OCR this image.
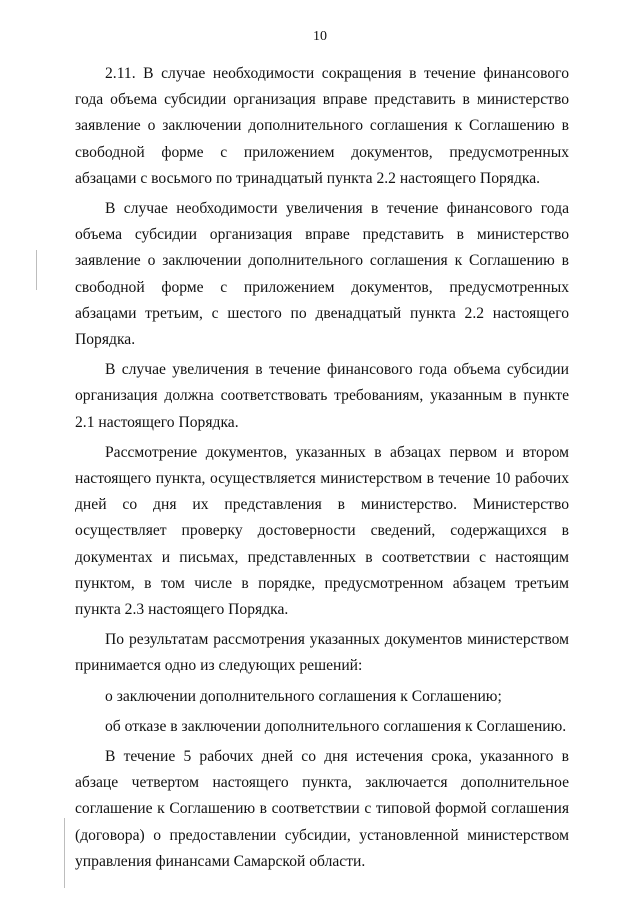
10

2.11. В случае необходимости сокращения в течение финансового года объема субсидии организация вправе представить в министерство заявление о заключении дополнительного соглашения к Соглашению в свободной форме с приложением документов, предусмотренных абзацами с восьмого по тринадцатый пункта 2.2 настоящего Порядка.

В случае необходимости увеличения в течение финансового года объема субсидии организация вправе представить в министерство заявление о заключении дополнительного соглашения к Соглашению в свободной форме с приложением документов, предусмотренных абзацами третьим, с шестого по двенадцатый пункта 2.2 настоящего Порядка.

В случае увеличения в течение финансового года объема субсидии организация должна соответствовать требованиям, указанным в пункте 2.1 настоящего Порядка.

Рассмотрение документов, указанных в абзацах первом и втором настоящего пункта, осуществляется министерством в течение 10 рабочих дней со дня их представления в министерство. Министерство осуществляет проверку достоверности сведений, содержащихся в документах и письмах, представленных в соответствии с настоящим пунктом, в том числе в порядке, предусмотренном абзацем третьим пункта 2.3 настоящего Порядка.

По результатам рассмотрения указанных документов министерством принимается одно из следующих решений:

о заключении дополнительного соглашения к Соглашению;

об отказе в заключении дополнительного соглашения к Соглашению.

В течение 5 рабочих дней со дня истечения срока, указанного в абзаце четвертом настоящего пункта, заключается дополнительное соглашение к Соглашению в соответствии с типовой формой соглашения (договора) о предоставлении субсидии, установленной министерством управления финансами Самарской области.
